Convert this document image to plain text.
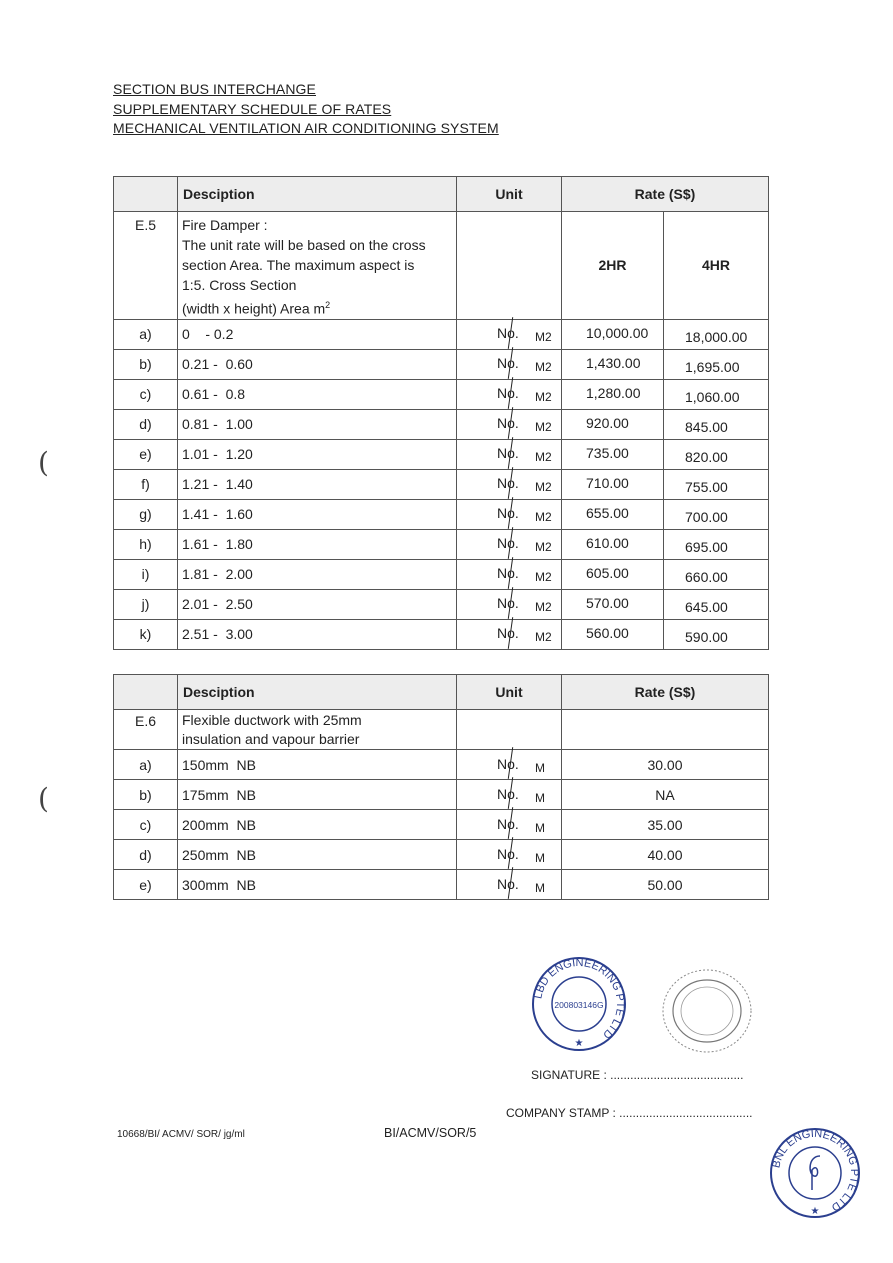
SECTION BUS INTERCHANGE
SUPPLEMENTARY SCHEDULE OF RATES
MECHANICAL VENTILATION AIR CONDITIONING SYSTEM
	Desciption	Unit	Rate (S$)	
E.5	Fire Damper :
The unit rate will be based on the cross
section Area. The maximum aspect is
1:5. Cross Section
(width x height) Area $m^2$		2HR	4HR
a)	0    - 0.2	No. M2	10,000.00	18,000.00
b)	0.21 -  0.60	No. M2	1,430.00	1,695.00
c)	0.61 -  0.8	No. M2	1,280.00	1,060.00
d)	0.81 -  1.00	No. M2	920.00	845.00
e)	1.01 -  1.20	No. M2	735.00	820.00
f)	1.21 -  1.40	No. M2	710.00	755.00
g)	1.41 -  1.60	No. M2	655.00	700.00
h)	1.61 -  1.80	No. M2	610.00	695.00
i)	1.81 -  2.00	No. M2	605.00	660.00
j)	2.01 -  2.50	No. M2	570.00	645.00
k)	2.51 -  3.00	No. M2	560.00	590.00
	Desciption	Unit	Rate (S$)
E.6	Flexible ductwork with 25mm
insulation and vapour barrier		

a)	150mm  NB	No. M	30.00
b)	175mm  NB	No. M	NA
c)	200mm  NB	No. M	35.00
d)	250mm  NB	No. M	40.00
e)	300mm  NB	No. M	50.00
(
(
LBD ENGINEERING PTE LTD
200803146G
★
SIGNATURE : ........................................
COMPANY STAMP : ........................................
10668/BI/ ACMV/ SOR/ jg/ml	BI/ACMV/SOR/5
BNL ENGINEERING PTE LTD
★
